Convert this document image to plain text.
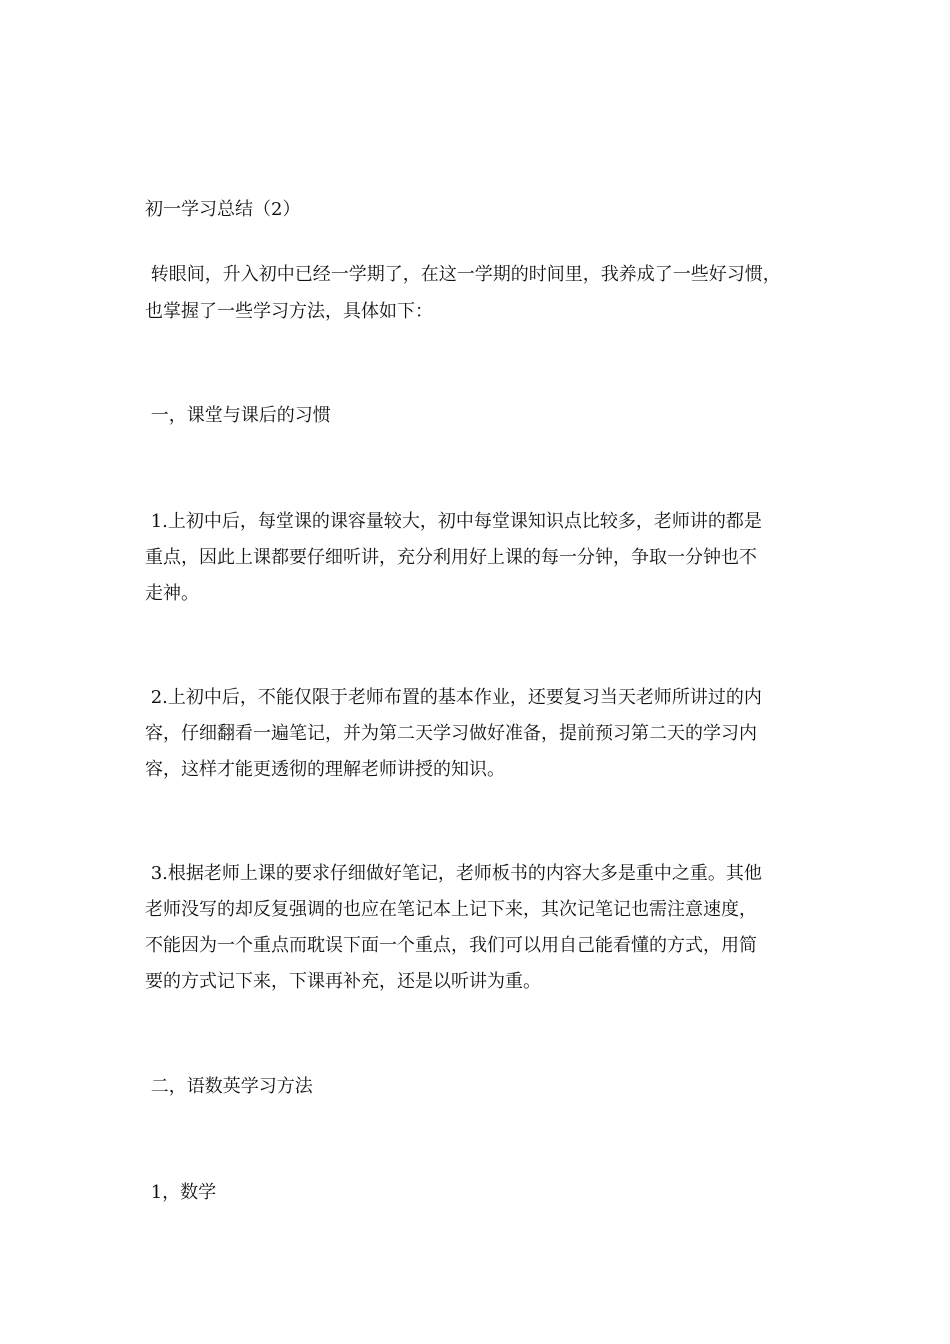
初一学习总结（2）
转眼间，升入初中已经一学期了，在这一学期的时间里，我养成了一些好习惯，
也掌握了一些学习方法，具体如下：
一，课堂与课后的习惯
1.上初中后，每堂课的课容量较大，初中每堂课知识点比较多，老师讲的都是
重点，因此上课都要仔细听讲，充分利用好上课的每一分钟，争取一分钟也不
走神。
2.上初中后，不能仅限于老师布置的基本作业，还要复习当天老师所讲过的内
容，仔细翻看一遍笔记，并为第二天学习做好准备，提前预习第二天的学习内
容，这样才能更透彻的理解老师讲授的知识。
3.根据老师上课的要求仔细做好笔记，老师板书的内容大多是重中之重。其他
老师没写的却反复强调的也应在笔记本上记下来，其次记笔记也需注意速度，
不能因为一个重点而耽误下面一个重点，我们可以用自己能看懂的方式，用简
要的方式记下来，下课再补充，还是以听讲为重。
二，语数英学习方法
1，数学
